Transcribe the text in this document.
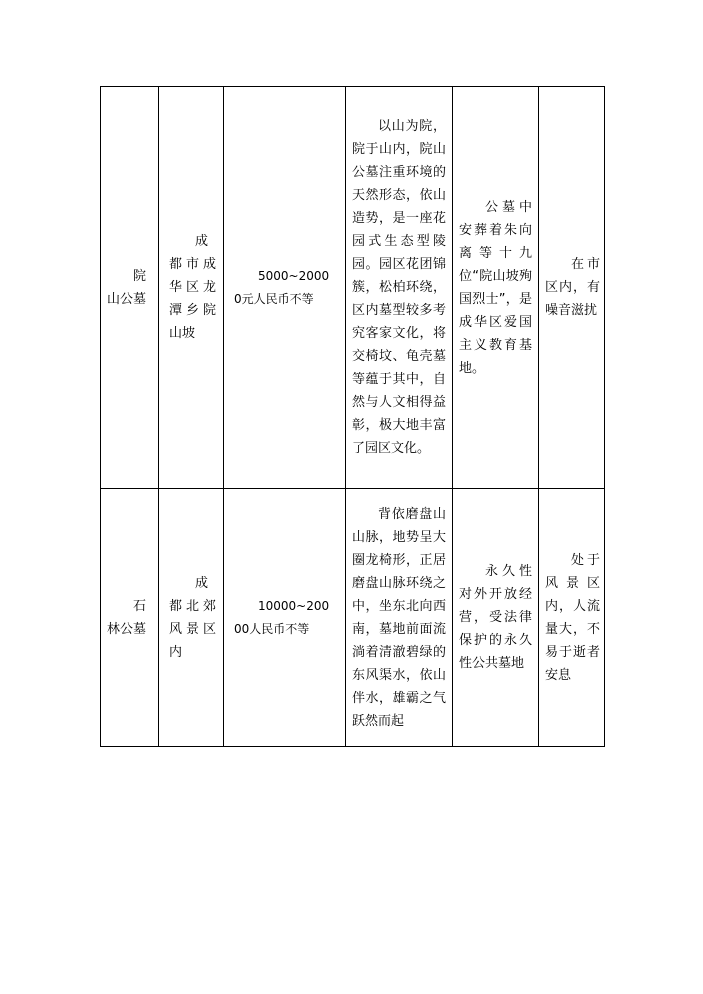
院山公墓	成都市成华区龙潭乡院山坡	5000~20000元人民币不等	以山为院，院于山内，院山公墓注重环境的天然形态，依山造势，是一座花园式生态型陵园。园区花团锦簇，松柏环绕，区内墓型较多考究客家文化，将交椅坟、龟壳墓等蕴于其中，自然与人文相得益彰，极大地丰富了园区文化。	公墓中安葬着朱向离等十九位“院山坡殉国烈士”，是成华区爱国主义教育基地。	在市区内，有噪音滋扰

石林公墓	成都北郊风景区内	10000~20000人民币不等	背依磨盘山山脉，地势呈大圈龙椅形，正居磨盘山脉环绕之中，坐东北向西南，墓地前面流淌着清澈碧绿的东风渠水，依山伴水，雄霸之气跃然而起	永久性对外开放经营，受法律保护的永久性公共墓地	处于风景区内，人流量大，不易于逝者安息
